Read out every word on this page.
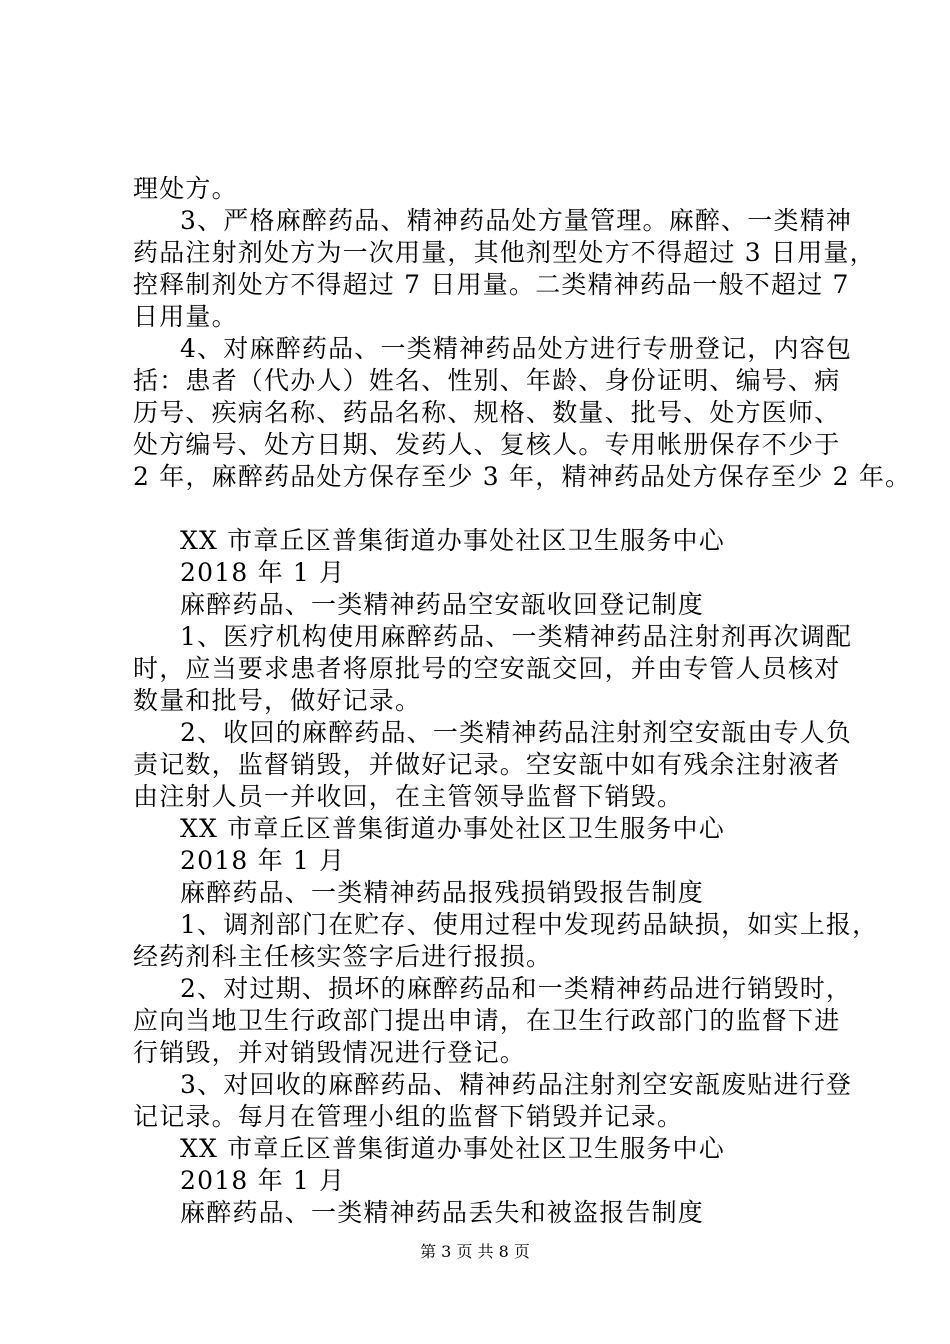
理处方。
3、严格麻醉药品、精神药品处方量管理。麻醉、一类精神
药品注射剂处方为一次用量，其他剂型处方不得超过 3 日用量，
控释制剂处方不得超过 7 日用量。二类精神药品一般不超过 7
日用量。
4、对麻醉药品、一类精神药品处方进行专册登记，内容包
括：患者（代办人）姓名、性别、年龄、身份证明、编号、病
历号、疾病名称、药品名称、规格、数量、批号、处方医师、
处方编号、处方日期、发药人、复核人。专用帐册保存不少于
2 年，麻醉药品处方保存至少 3 年，精神药品处方保存至少 2 年。
XX 市章丘区普集街道办事处社区卫生服务中心
2018 年 1 月
麻醉药品、一类精神药品空安瓿收回登记制度
1、医疗机构使用麻醉药品、一类精神药品注射剂再次调配
时，应当要求患者将原批号的空安瓿交回，并由专管人员核对
数量和批号，做好记录。
2、收回的麻醉药品、一类精神药品注射剂空安瓿由专人负
责记数，监督销毁，并做好记录。空安瓿中如有残余注射液者
由注射人员一并收回，在主管领导监督下销毁。
XX 市章丘区普集街道办事处社区卫生服务中心
2018 年 1 月
麻醉药品、一类精神药品报残损销毁报告制度
1、调剂部门在贮存、使用过程中发现药品缺损，如实上报，
经药剂科主任核实签字后进行报损。
2、对过期、损坏的麻醉药品和一类精神药品进行销毁时，
应向当地卫生行政部门提出申请，在卫生行政部门的监督下进
行销毁，并对销毁情况进行登记。
3、对回收的麻醉药品、精神药品注射剂空安瓿废贴进行登
记记录。每月在管理小组的监督下销毁并记录。
XX 市章丘区普集街道办事处社区卫生服务中心
2018 年 1 月
麻醉药品、一类精神药品丢失和被盗报告制度
第 3 页 共 8 页
